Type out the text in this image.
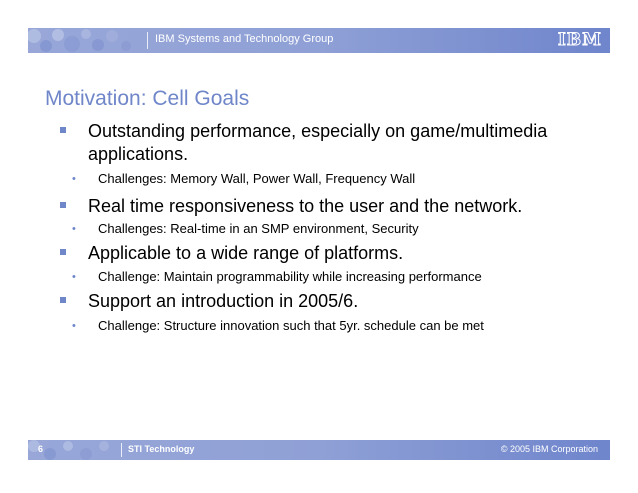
IBM Systems and Technology Group	IBM
Motivation: Cell Goals
Outstanding performance, especially on game/multimedia applications.
• Challenges: Memory Wall, Power Wall, Frequency Wall
Real time responsiveness to the user and the network.
• Challenges: Real-time in an SMP environment, Security
Applicable to a wide range of platforms.
• Challenge: Maintain programmability while increasing performance
Support an introduction in 2005/6.
• Challenge: Structure innovation such that 5yr. schedule can be met
6	STI Technology	© 2005 IBM Corporation
